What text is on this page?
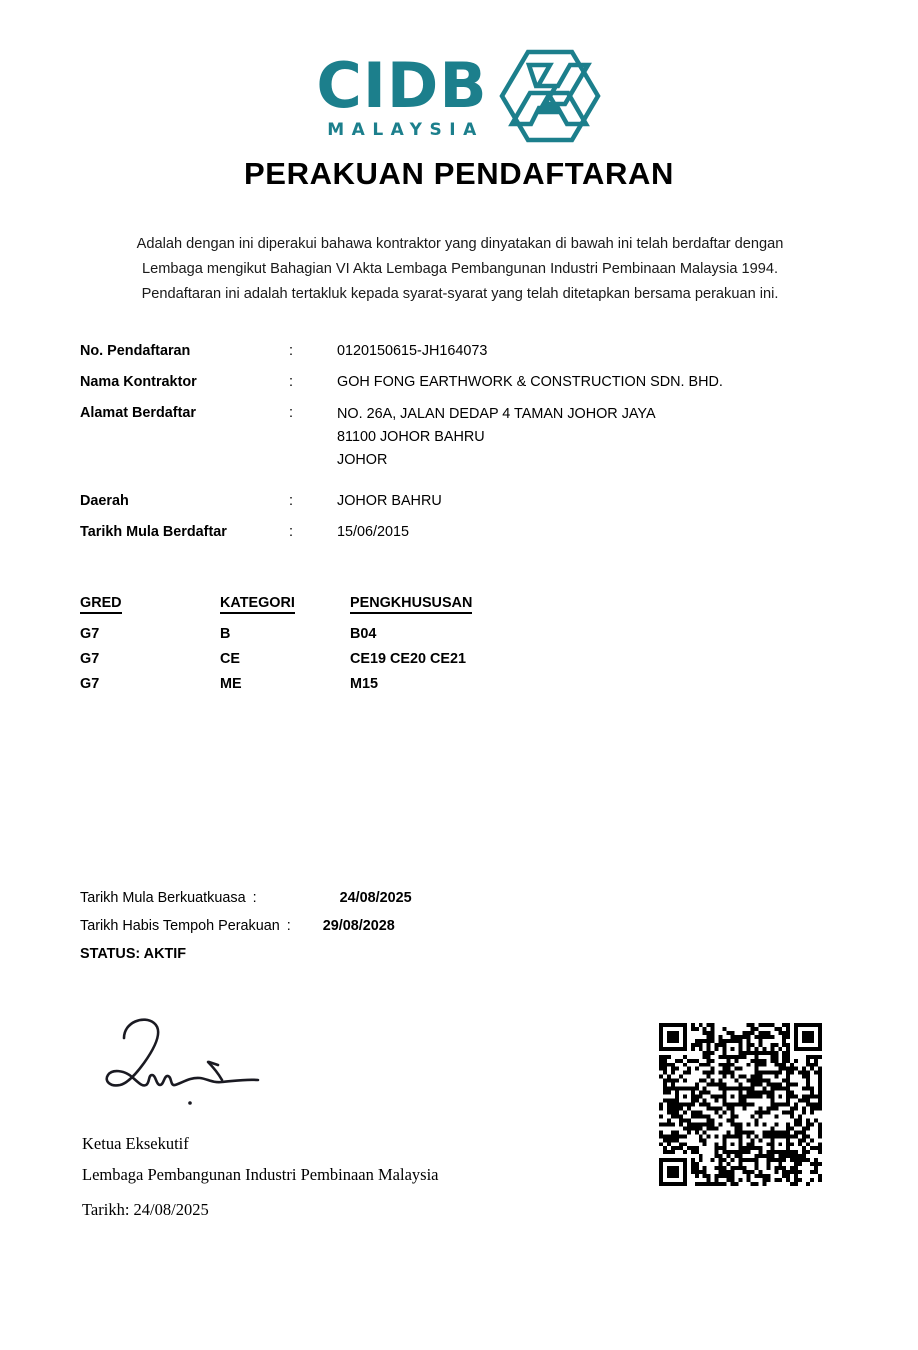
CIDB
MALAYSIA
PERAKUAN PENDAFTARAN
Adalah dengan ini diperakui bahawa kontraktor yang dinyatakan di bawah ini telah berdaftar dengan
Lembaga mengikut Bahagian VI Akta Lembaga Pembangunan Industri Pembinaan Malaysia 1994.
Pendaftaran ini adalah tertakluk kepada syarat-syarat yang telah ditetapkan bersama perakuan ini.
No. Pendaftaran	:	0120150615-JH164073
Nama Kontraktor	:	GOH FONG EARTHWORK & CONSTRUCTION SDN. BHD.
Alamat Berdaftar	:	NO. 26A, JALAN DEDAP 4 TAMAN JOHOR JAYA
81100 JOHOR BAHRU
JOHOR
Daerah	:	JOHOR BAHRU
Tarikh Mula Berdaftar	:	15/06/2015
GRED	KATEGORI	PENGKHUSUSAN
G7	B	B04
G7	CE	CE19 CE20 CE21
G7	ME	M15
Tarikh Mula Berkuatkuasa :	24/08/2025
Tarikh Habis Tempoh Perakuan : 29/08/2028
STATUS: AKTIF
Ketua Eksekutif
Lembaga Pembangunan Industri Pembinaan Malaysia
Tarikh: 24/08/2025
